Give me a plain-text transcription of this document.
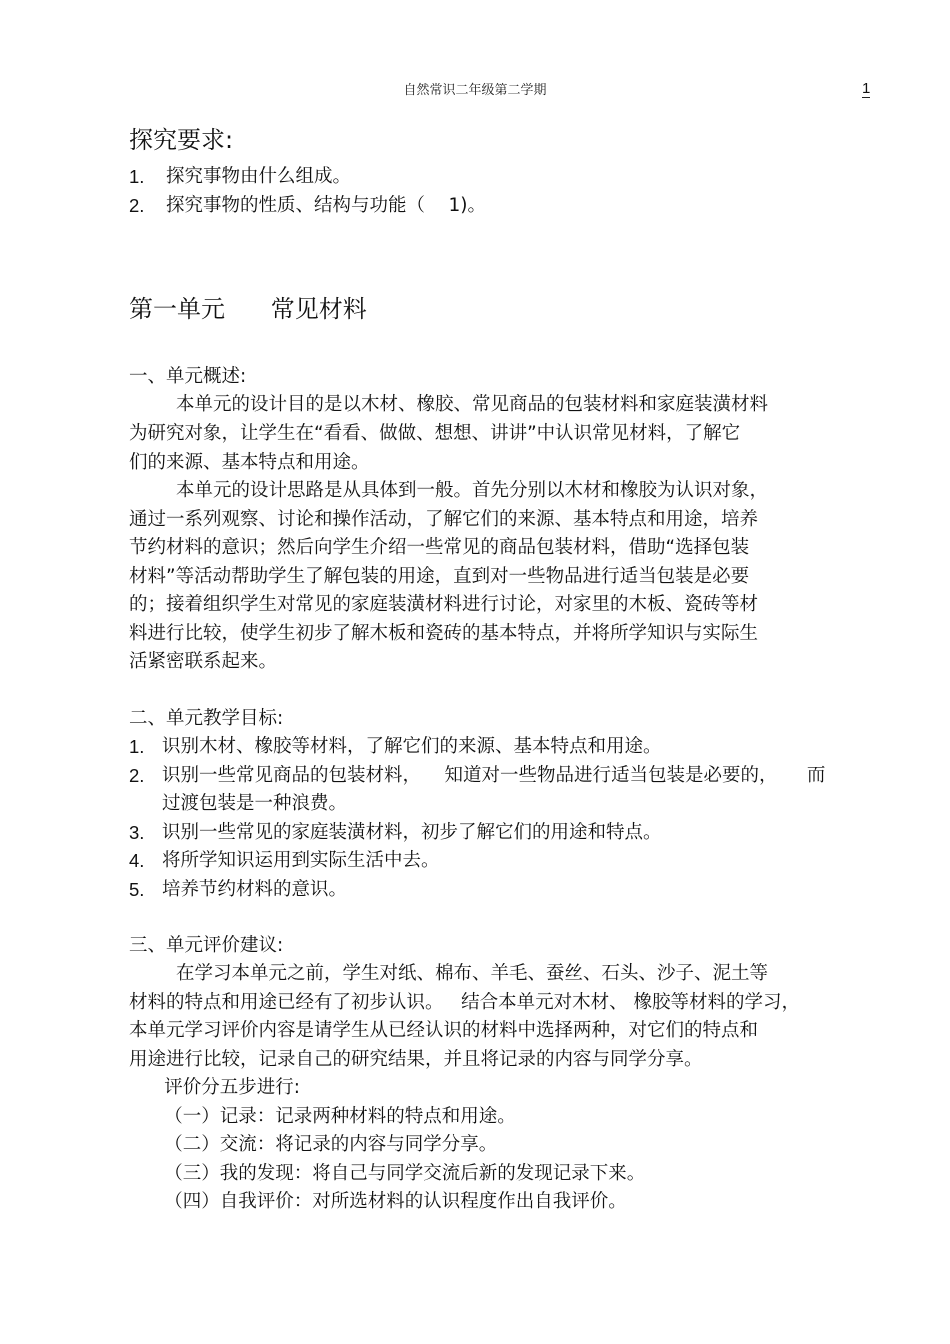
自然常识二年级第二学期	1
探究要求:
1. 探究事物由什么组成。
2. 探究事物的性质、结构与功能（    1)。
第一单元      常见材料
一、单元概述:
本单元的设计目的是以木材、橡胶、常见商品的包装材料和家庭装潢材料
为研究对象，让学生在“看看、做做、想想、讲讲”中认识常见材料，了解它
们的来源、基本特点和用途。
本单元的设计思路是从具体到一般。首先分别以木材和橡胶为认识对象，
通过一系列观察、讨论和操作活动，了解它们的来源、基本特点和用途，培养
节约材料的意识；然后向学生介绍一些常见的商品包装材料，借助“选择包装
材料”等活动帮助学生了解包装的用途，直到对一些物品进行适当包装是必要
的；接着组织学生对常见的家庭装潢材料进行讨论，对家里的木板、瓷砖等材
料进行比较，使学生初步了解木板和瓷砖的基本特点，并将所学知识与实际生
活紧密联系起来。
二、单元教学目标:
1. 识别木材、橡胶等材料，了解它们的来源、基本特点和用途。
2. 识别一些常见商品的包装材料，    知道对一些物品进行适当包装是必要的，     而
过渡包装是一种浪费。
3. 识别一些常见的家庭装潢材料，初步了解它们的用途和特点。
4. 将所学知识运用到实际生活中去。
5. 培养节约材料的意识。
三、单元评价建议:
在学习本单元之前，学生对纸、棉布、羊毛、蚕丝、石头、沙子、泥土等
材料的特点和用途已经有了初步认识。   结合本单元对木材、 橡胶等材料的学习，
本单元学习评价内容是请学生从已经认识的材料中选择两种，对它们的特点和
用途进行比较，记录自己的研究结果，并且将记录的内容与同学分享。
评价分五步进行:
（一）记录：记录两种材料的特点和用途。
（二）交流：将记录的内容与同学分享。
（三）我的发现：将自己与同学交流后新的发现记录下来。
（四）自我评价：对所选材料的认识程度作出自我评价。
